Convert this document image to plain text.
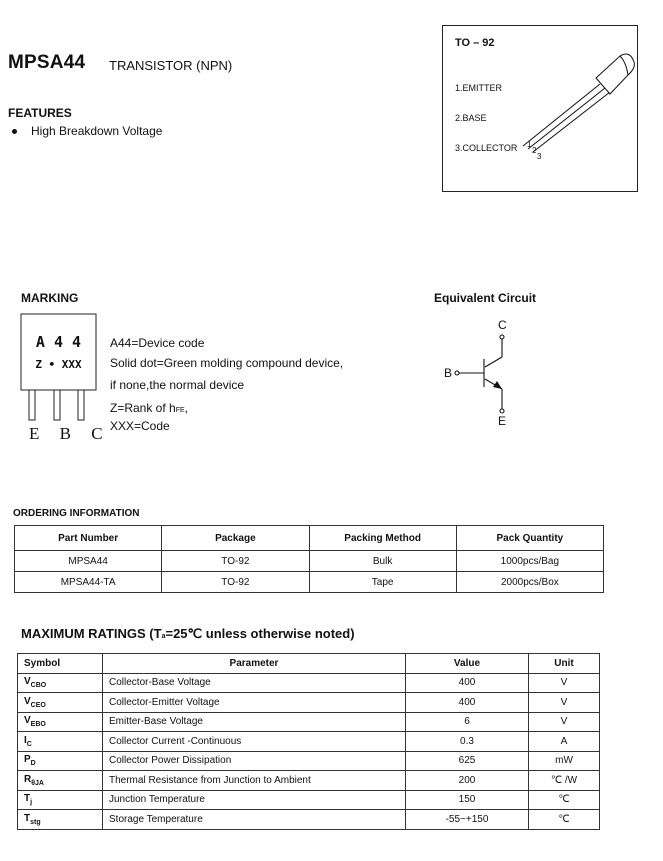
MPSA44 TRANSISTOR (NPN)
FEATURES
High Breakdown Voltage
TO – 92
1.EMITTER
2.BASE
3.COLLECTOR 1
2
3
MARKING
A 4 4
Z • XXX
E B C
A44=Device code
Solid dot=Green molding compound device,
if none,the normal device
Z=Rank of hFE,
XXX=Code
Equivalent Circuit
C
B
E
ORDERING INFORMATION
Part Number	Package	Packing Method	Pack Quantity
MPSA44	TO-92	Bulk	1000pcs/Bag
MPSA44-TA	TO-92	Tape	2000pcs/Box
MAXIMUM RATINGS (Ta=25℃ unless otherwise noted)
Symbol	Parameter	Value	Unit
$V_{CBO}$	Collector-Base Voltage	400	V
$V_{CEO}$	Collector-Emitter Voltage	400	V
$V_{EBO}$	Emitter-Base Voltage	6	V
$I_C$	Collector Current -Continuous	0.3	A
$P_D$	Collector Power Dissipation	625	mW
$R_{\theta JA}$	Thermal Resistance from Junction to Ambient	200	℃ /W
$T_j$	Junction Temperature	150	℃
$T_{stg}$	Storage Temperature	-55~+150	℃
